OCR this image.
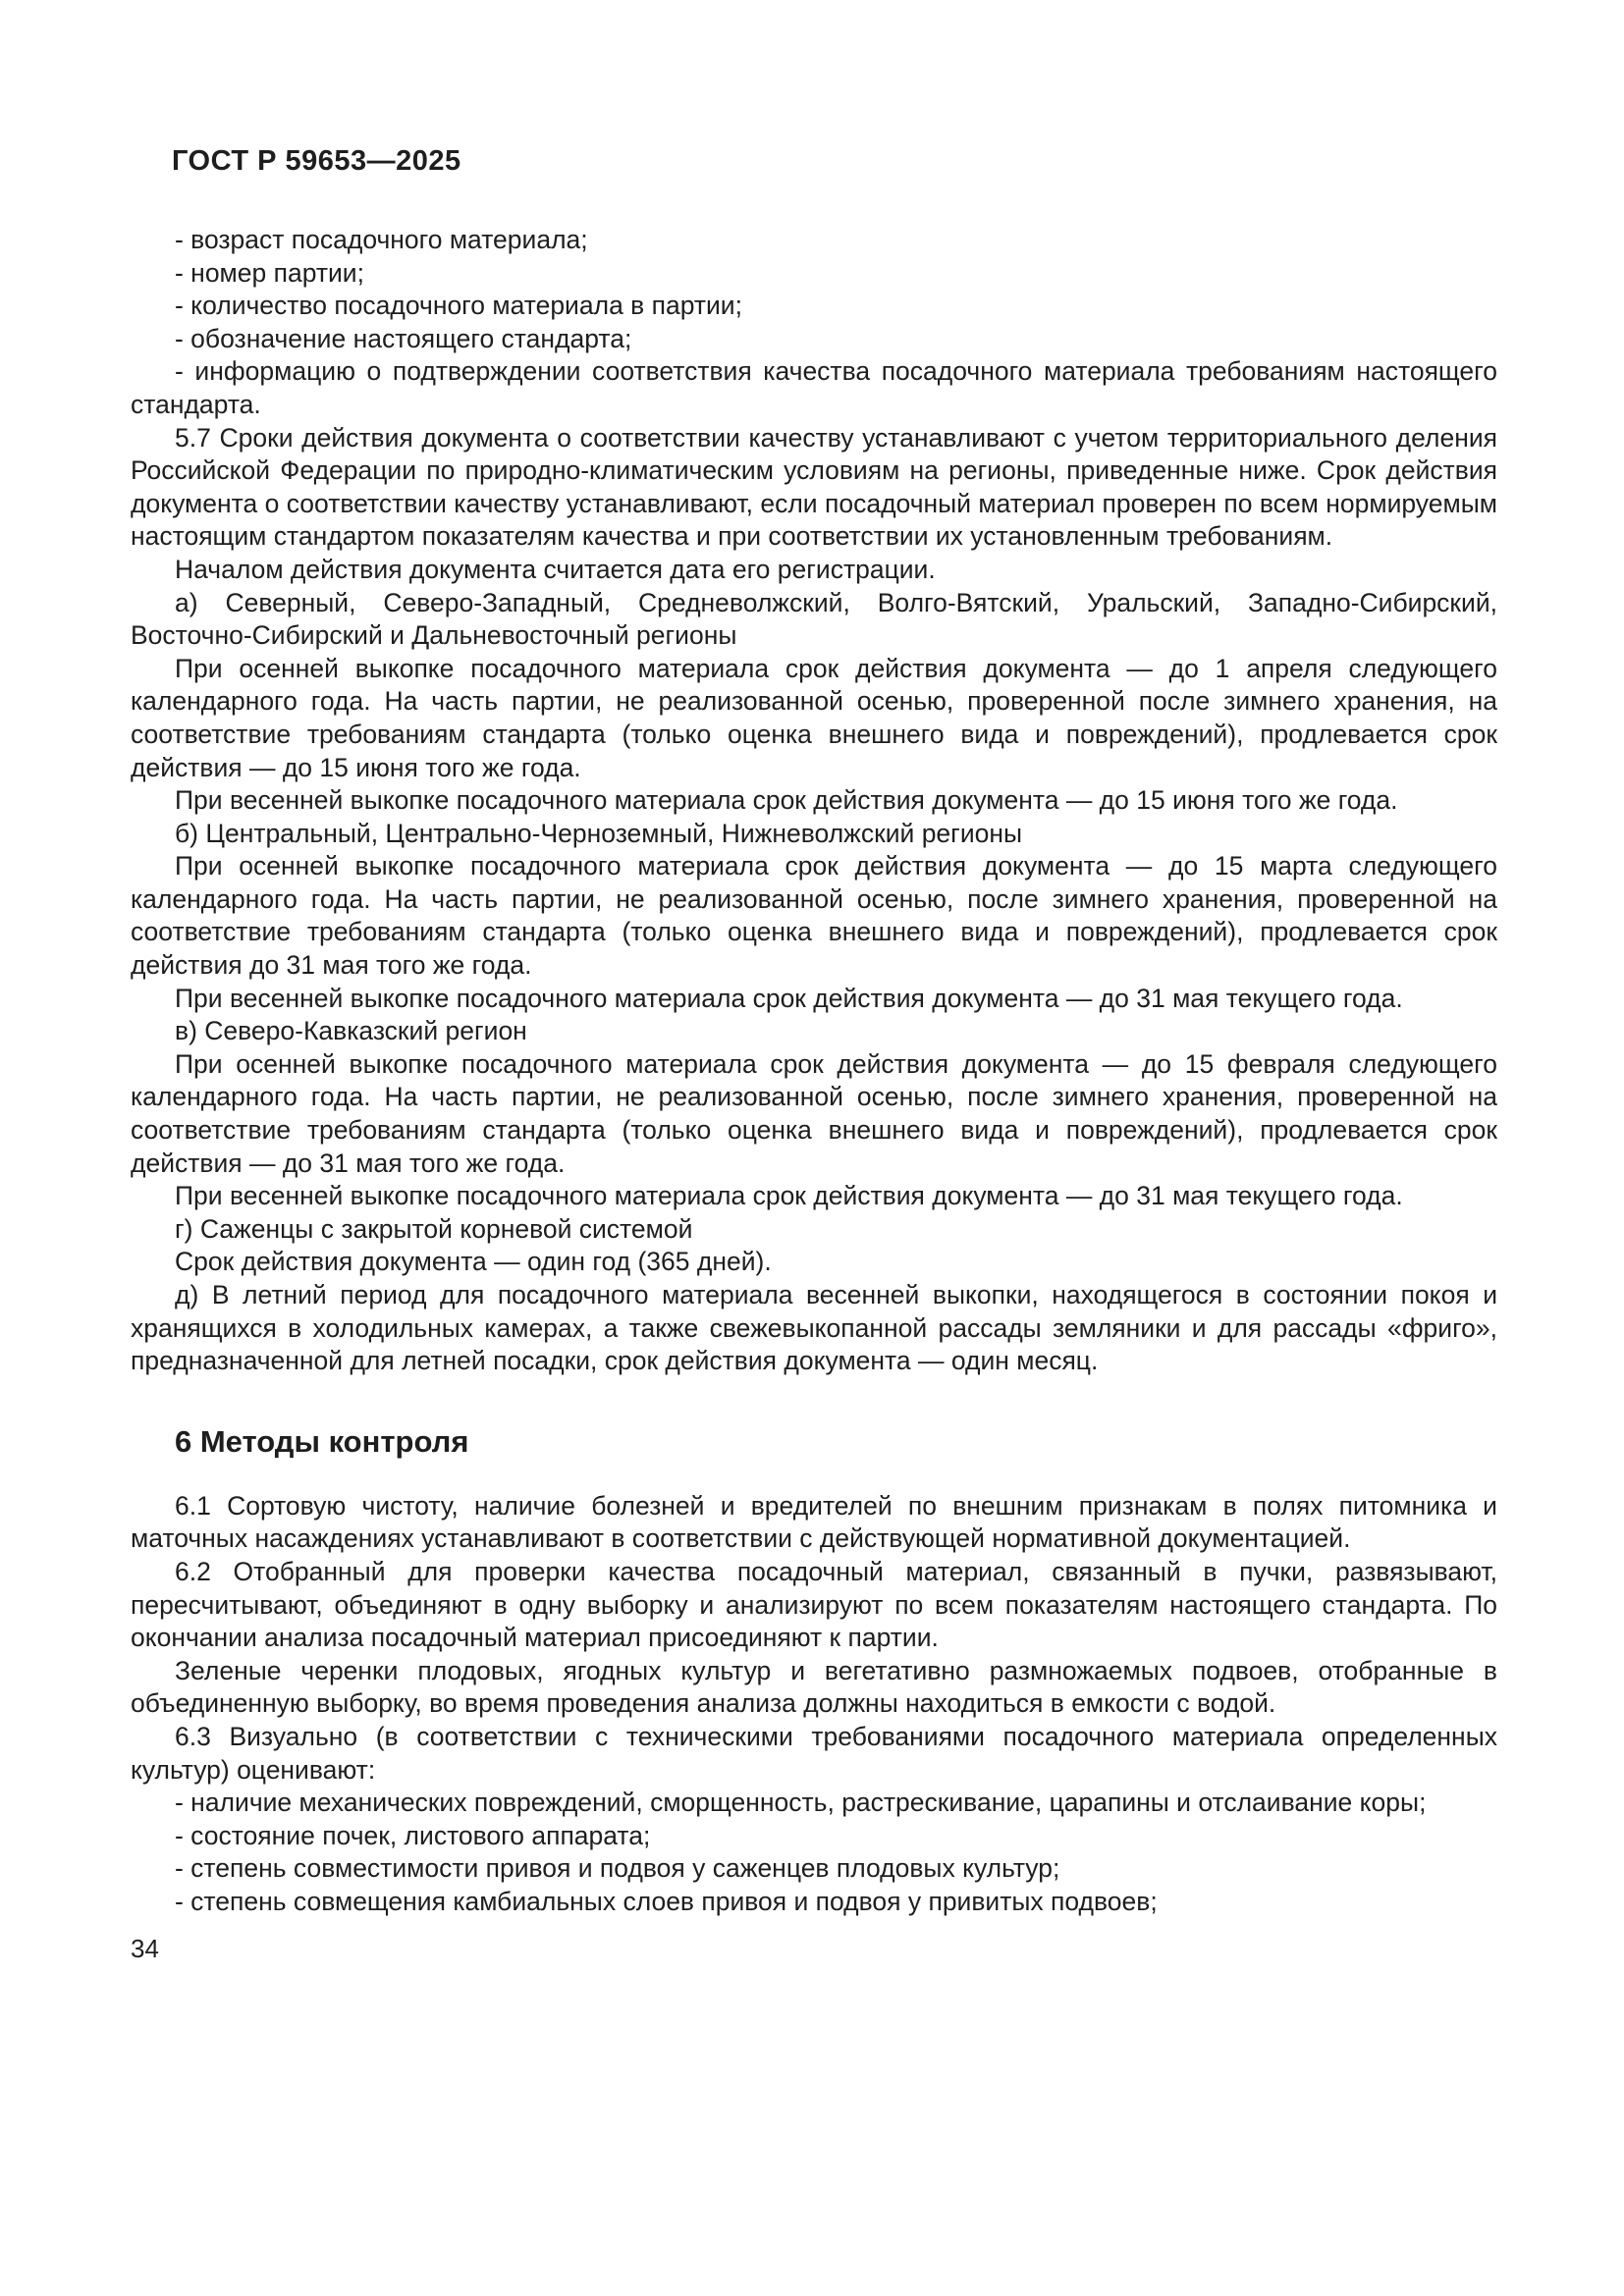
ГОСТ Р 59653—2025

- возраст посадочного материала;

- номер партии;

- количество посадочного материала в партии;

- обозначение настоящего стандарта;

- информацию о подтверждении соответствия качества посадочного материала требованиям настоящего стандарта.

5.7 Сроки действия документа о соответствии качеству устанавливают с учетом территориального деления Российской Федерации по природно-климатическим условиям на регионы, приведенные ниже. Срок действия документа о соответствии качеству устанавливают, если посадочный материал проверен по всем нормируемым настоящим стандартом показателям качества и при соответствии их установленным требованиям.

Началом действия документа считается дата его регистрации.

а) Северный, Северо-Западный, Средневолжский, Волго-Вятский, Уральский, Западно-Сибирский, Восточно-Сибирский и Дальневосточный регионы

При осенней выкопке посадочного материала срок действия документа — до 1 апреля следующего календарного года. На часть партии, не реализованной осенью, проверенной после зимнего хранения, на соответствие требованиям стандарта (только оценка внешнего вида и повреждений), продлевается срок действия — до 15 июня того же года.

При весенней выкопке посадочного материала срок действия документа — до 15 июня того же года.

б) Центральный, Центрально-Черноземный, Нижневолжский регионы

При осенней выкопке посадочного материала срок действия документа — до 15 марта следующего календарного года. На часть партии, не реализованной осенью, после зимнего хранения, проверенной на соответствие требованиям стандарта (только оценка внешнего вида и повреждений), продлевается срок действия до 31 мая того же года.

При весенней выкопке посадочного материала срок действия документа — до 31 мая текущего года.

в) Северо-Кавказский регион

При осенней выкопке посадочного материала срок действия документа — до 15 февраля следующего календарного года. На часть партии, не реализованной осенью, после зимнего хранения, проверенной на соответствие требованиям стандарта (только оценка внешнего вида и повреждений), продлевается срок действия — до 31 мая того же года.

При весенней выкопке посадочного материала срок действия документа — до 31 мая текущего года.

г) Саженцы с закрытой корневой системой

Срок действия документа — один год (365 дней).

д) В летний период для посадочного материала весенней выкопки, находящегося в состоянии покоя и хранящихся в холодильных камерах, а также свежевыкопанной рассады земляники и для рассады «фриго», предназначенной для летней посадки, срок действия документа — один месяц.

6 Методы контроля

6.1 Сортовую чистоту, наличие болезней и вредителей по внешним признакам в полях питомника и маточных насаждениях устанавливают в соответствии с действующей нормативной документацией.

6.2 Отобранный для проверки качества посадочный материал, связанный в пучки, развязывают, пересчитывают, объединяют в одну выборку и анализируют по всем показателям настоящего стандарта. По окончании анализа посадочный материал присоединяют к партии.

Зеленые черенки плодовых, ягодных культур и вегетативно размножаемых подвоев, отобранные в объединенную выборку, во время проведения анализа должны находиться в емкости с водой.

6.3 Визуально (в соответствии с техническими требованиями посадочного материала определенных культур) оценивают:

- наличие механических повреждений, сморщенность, растрескивание, царапины и отслаивание коры;

- состояние почек, листового аппарата;

- степень совместимости привоя и подвоя у саженцев плодовых культур;

- степень совмещения камбиальных слоев привоя и подвоя у привитых подвоев;

34
